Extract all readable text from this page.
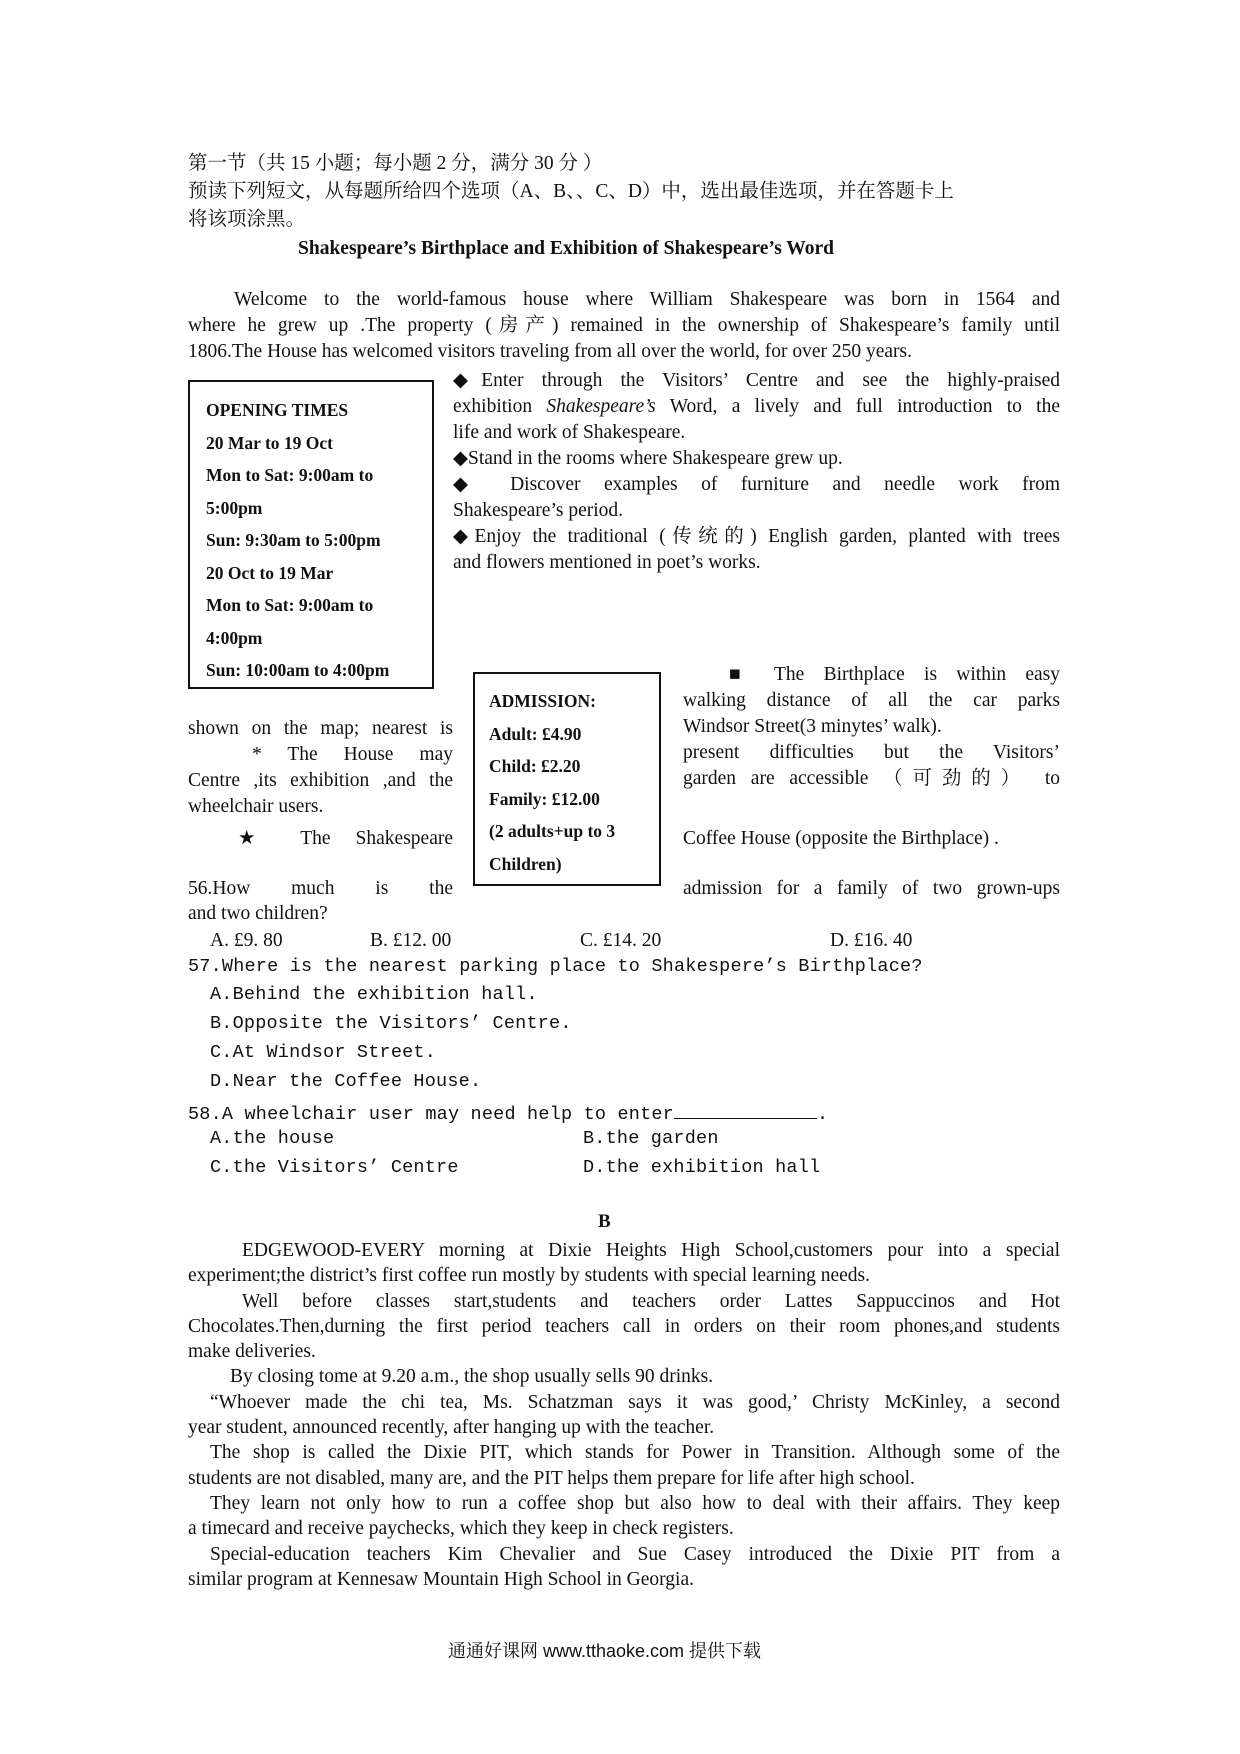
第一节（共 15 小题；每小题 2 分，满分 30 分 ）
预读下列短文，从每题所给四个选项（A、B、、C、D）中，选出最佳选项，并在答题卡上
将该项涂黑。
Shakespeare’s Birthplace and Exhibition of Shakespeare’s Word
Welcome to the world-famous house where William Shakespeare was born in 1564 and
where he grew up .The property (房产) remained in the ownership of Shakespeare’s family until
1806.The House has welcomed visitors traveling from all over the world, for over 250 years.
OPENING TIMES
20 Mar to 19 Oct
Mon to Sat: 9:00am to
5:00pm
Sun: 9:30am to 5:00pm
20 Oct to 19 Mar
Mon to Sat: 9:00am to
4:00pm
Sun: 10:00am to 4:00pm
◆Enter through the Visitors’ Centre and see the highly-praised
exhibition Shakespeare’s Word, a lively and full introduction to the
life and work of Shakespeare.
◆Stand in the rooms where Shakespeare grew up.
◆ Discover examples of furniture and needle work from
Shakespeare’s period.
◆Enjoy the traditional (传统的) English garden, planted with trees
and flowers mentioned in poet’s works.
ADMISSION:
Adult: £4.90
Child: £2.20
Family: £12.00
(2 adults+up to 3
Children)
■ The Birthplace is within easy
walking distance of all the car parks
Windsor Street(3 minytes’ walk).
present difficulties but the Visitors’
garden are accessible （可劲的） to
Coffee House (opposite the Birthplace) .
shown on the map; nearest is
* The House may
Centre ,its exhibition ,and the
wheelchair users.
★ The Shakespeare
56.How much is the	admission for a family of two grown-ups
and two children?
A. £9. 80	B. £12. 00	C. £14. 20	D. £16. 40
57.Where is the nearest parking place to Shakespere’s Birthplace?
A.Behind the exhibition hall.
B.Opposite the Visitors’ Centre.
C.At Windsor Street.
D.Near the Coffee House.
58.A wheelchair user may need help to enter	.
A.the house	B.the garden
C.the Visitors’ Centre	D.the exhibition hall
B
EDGEWOOD-EVERY morning at Dixie Heights High School,customers pour into a special
experiment;the district’s first coffee run mostly by students with special learning needs.
Well before classes start,students and teachers order Lattes Sappuccinos and Hot
Chocolates.Then,durning the first period teachers call in orders on their room phones,and students
make deliveries.
By closing tome at 9.20 a.m., the shop usually sells 90 drinks.
“Whoever made the chi tea, Ms. Schatzman says it was good,’ Christy McKinley, a second
year student, announced recently, after hanging up with the teacher.
The shop is called the Dixie PIT, which stands for Power in Transition. Although some of the
students are not disabled, many are, and the PIT helps them prepare for life after high school.
They learn not only how to run a coffee shop but also how to deal with their affairs. They keep
a timecard and receive paychecks, which they keep in check registers.
Special-education teachers Kim Chevalier and Sue Casey introduced the Dixie PIT from a
similar program at Kennesaw Mountain High School in Georgia.
通通好课网 www.tthaoke.com 提供下载
